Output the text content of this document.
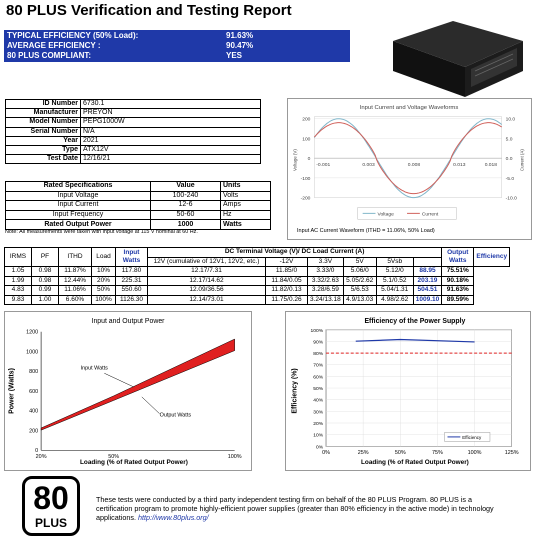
80 PLUS Verification and Testing Report
TYPICAL EFFICIENCY (50% Load):	91.63%
AVERAGE EFFICIENCY :	90.47%
80 PLUS COMPLIANT:	YES
ID Number	6730.1
Manufacturer	PREYON
Model Number	PEPG1000W
Serial Number	N/A
Year	2021
Type	ATX12V
Test Date	12/16/21
Rated Specifications	Value	Units
Input Voltage	100-240	Volts
Input Current	12-6	Amps
Input Frequency	50-60	Hz
Rated Output Power	1000	Watts
Note: All measurements were taken with input voltage at 115 V nominal at 60 Hz.
Input Current and Voltage Waveforms
Voltage (V)	Current (A)
200
100
0
-100
-200
10.0
5.0
0.0
-5.0
-10.0
-0.001	0.003	0.008	0.013	0.018
Voltage	Current
Input AC Current Waveform (ITHD = 11.06%, 50% Load)
IRMS	PF	ITHD	Load	Input Watts	DC Terminal Voltage (V)/ DC Load Current (A)						Output Watts	Efficiency
					12V (cumulative of 12V1, 12V2, etc.)	-12V	3.3V	5V	5Vsb			
1.05	0.98	11.87%	10%	117.80	12.17/7.31	11.85/0	3.33/0	5.06/0	5.12/0	88.95	75.51%	
1.99	0.98	12.44%	20%	225.31	12.17/14.62	11.84/0.05	3.32/2.63	5.05/2.62	5.1/0.52	203.19	90.18%	
4.83	0.99	11.06%	50%	550.60	12.09/36.56	11.82/0.13	3.28/6.59	5/6.53	5.04/1.31	504.51	91.63%	
9.83	1.00	6.60%	100%	1126.30	12.14/73.01	11.75/0.26	3.24/13.18	4.9/13.03	4.98/2.62	1009.10	89.59%	
Input and Output Power
Power (Watts)
Loading (% of Rated Output Power)
0
200
400
600
800
1000
1200
20%	50%	100%
Input Watts
Output Watts
Efficiency of the Power Supply
Efficiency (%)
Loading (% of Rated Output Power)
0%
10%
20%
30%
40%
50%
60%
70%
80%
90%
100%
0%	25%	50%	75%	100%	125%
Efficiency
80
PLUS
These tests were conducted by a third party independent testing firm on behalf of the 80 PLUS Program. 80 PLUS is a certification program to promote highly-efficient power supplies (greater than 80% efficiency in the active mode) in technology applications. http://www.80plus.org/
